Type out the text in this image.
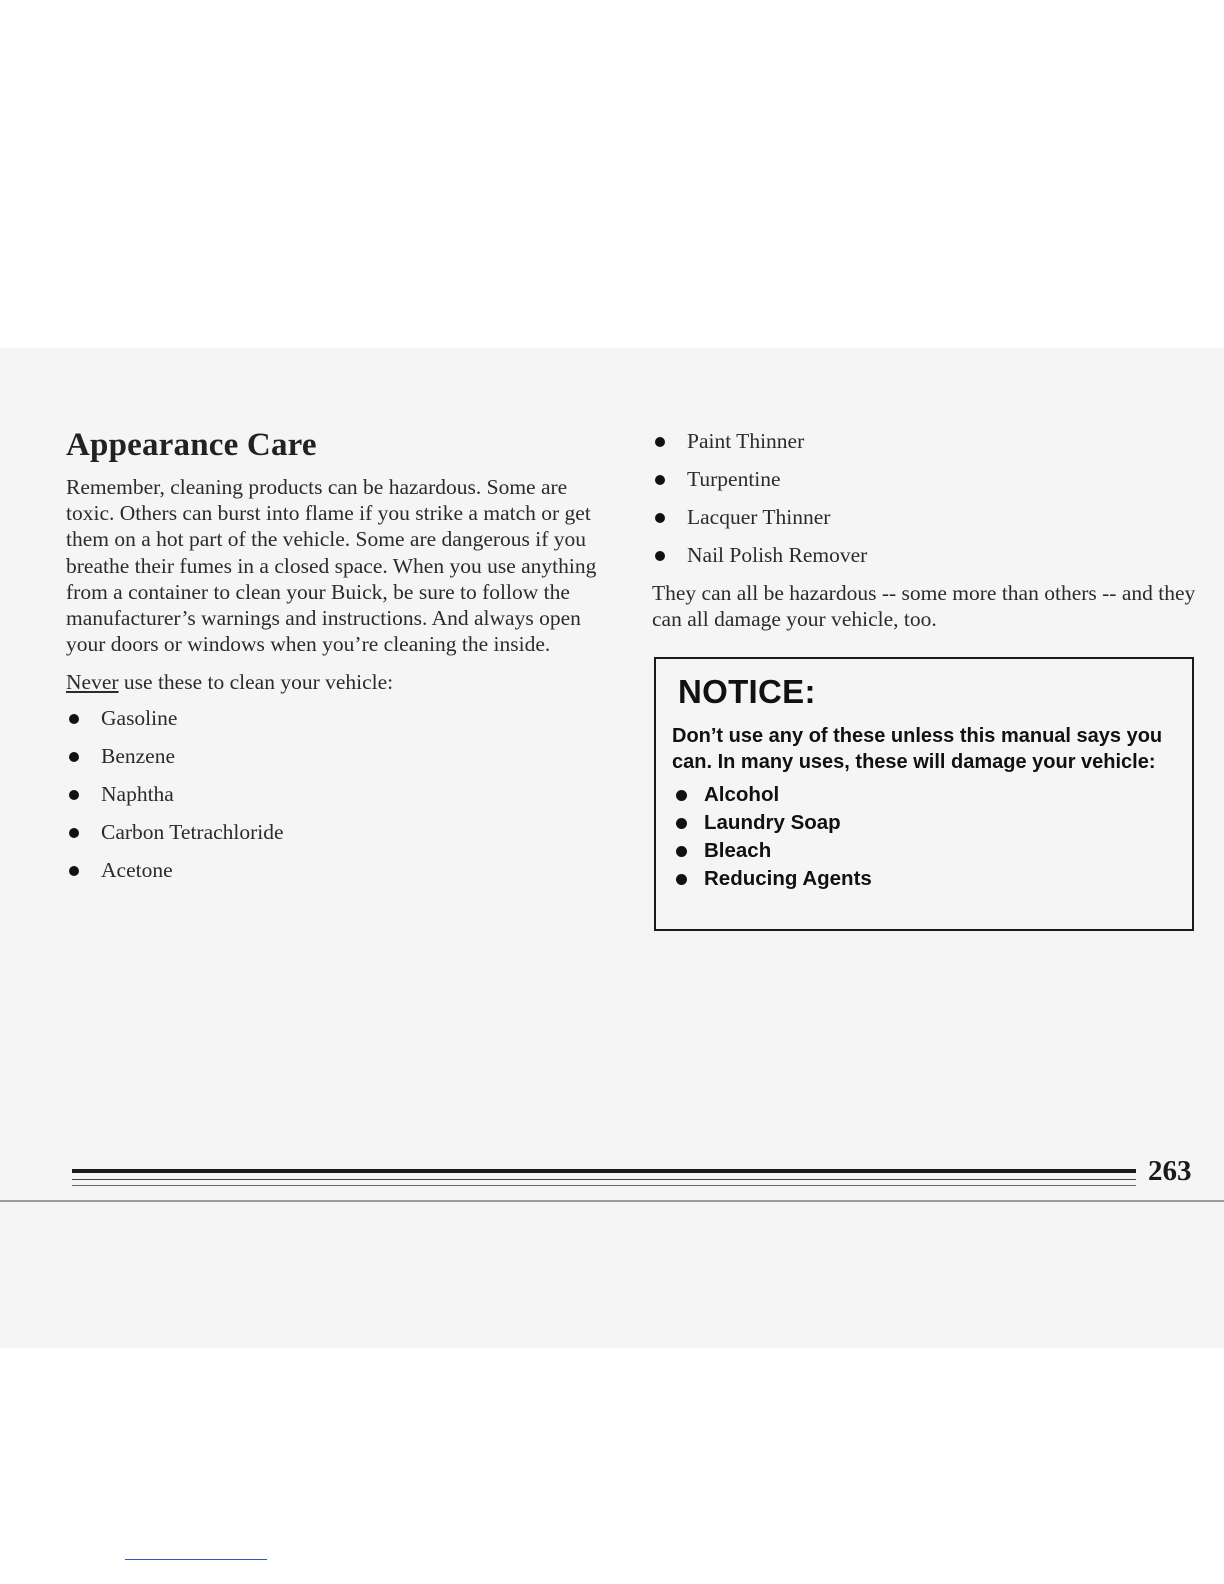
Appearance Care

Remember, cleaning products can be hazardous. Some are toxic. Others can burst into flame if you strike a match or get them on a hot part of the vehicle. Some are dangerous if you breathe their fumes in a closed space. When you use anything from a container to clean your Buick, be sure to follow the manufacturer’s warnings and instructions. And always open your doors or windows when you’re cleaning the inside.

Never use these to clean your vehicle:

Gasoline
Benzene
Naphtha
Carbon Tetrachloride
Acetone
Paint Thinner
Turpentine
Lacquer Thinner
Nail Polish Remover

They can all be hazardous -- some more than others -- and they can all damage your vehicle, too.

NOTICE:

Don’t use any of these unless this manual says you can. In many uses, these will damage your vehicle:

Alcohol
Laundry Soap
Bleach
Reducing Agents
263
